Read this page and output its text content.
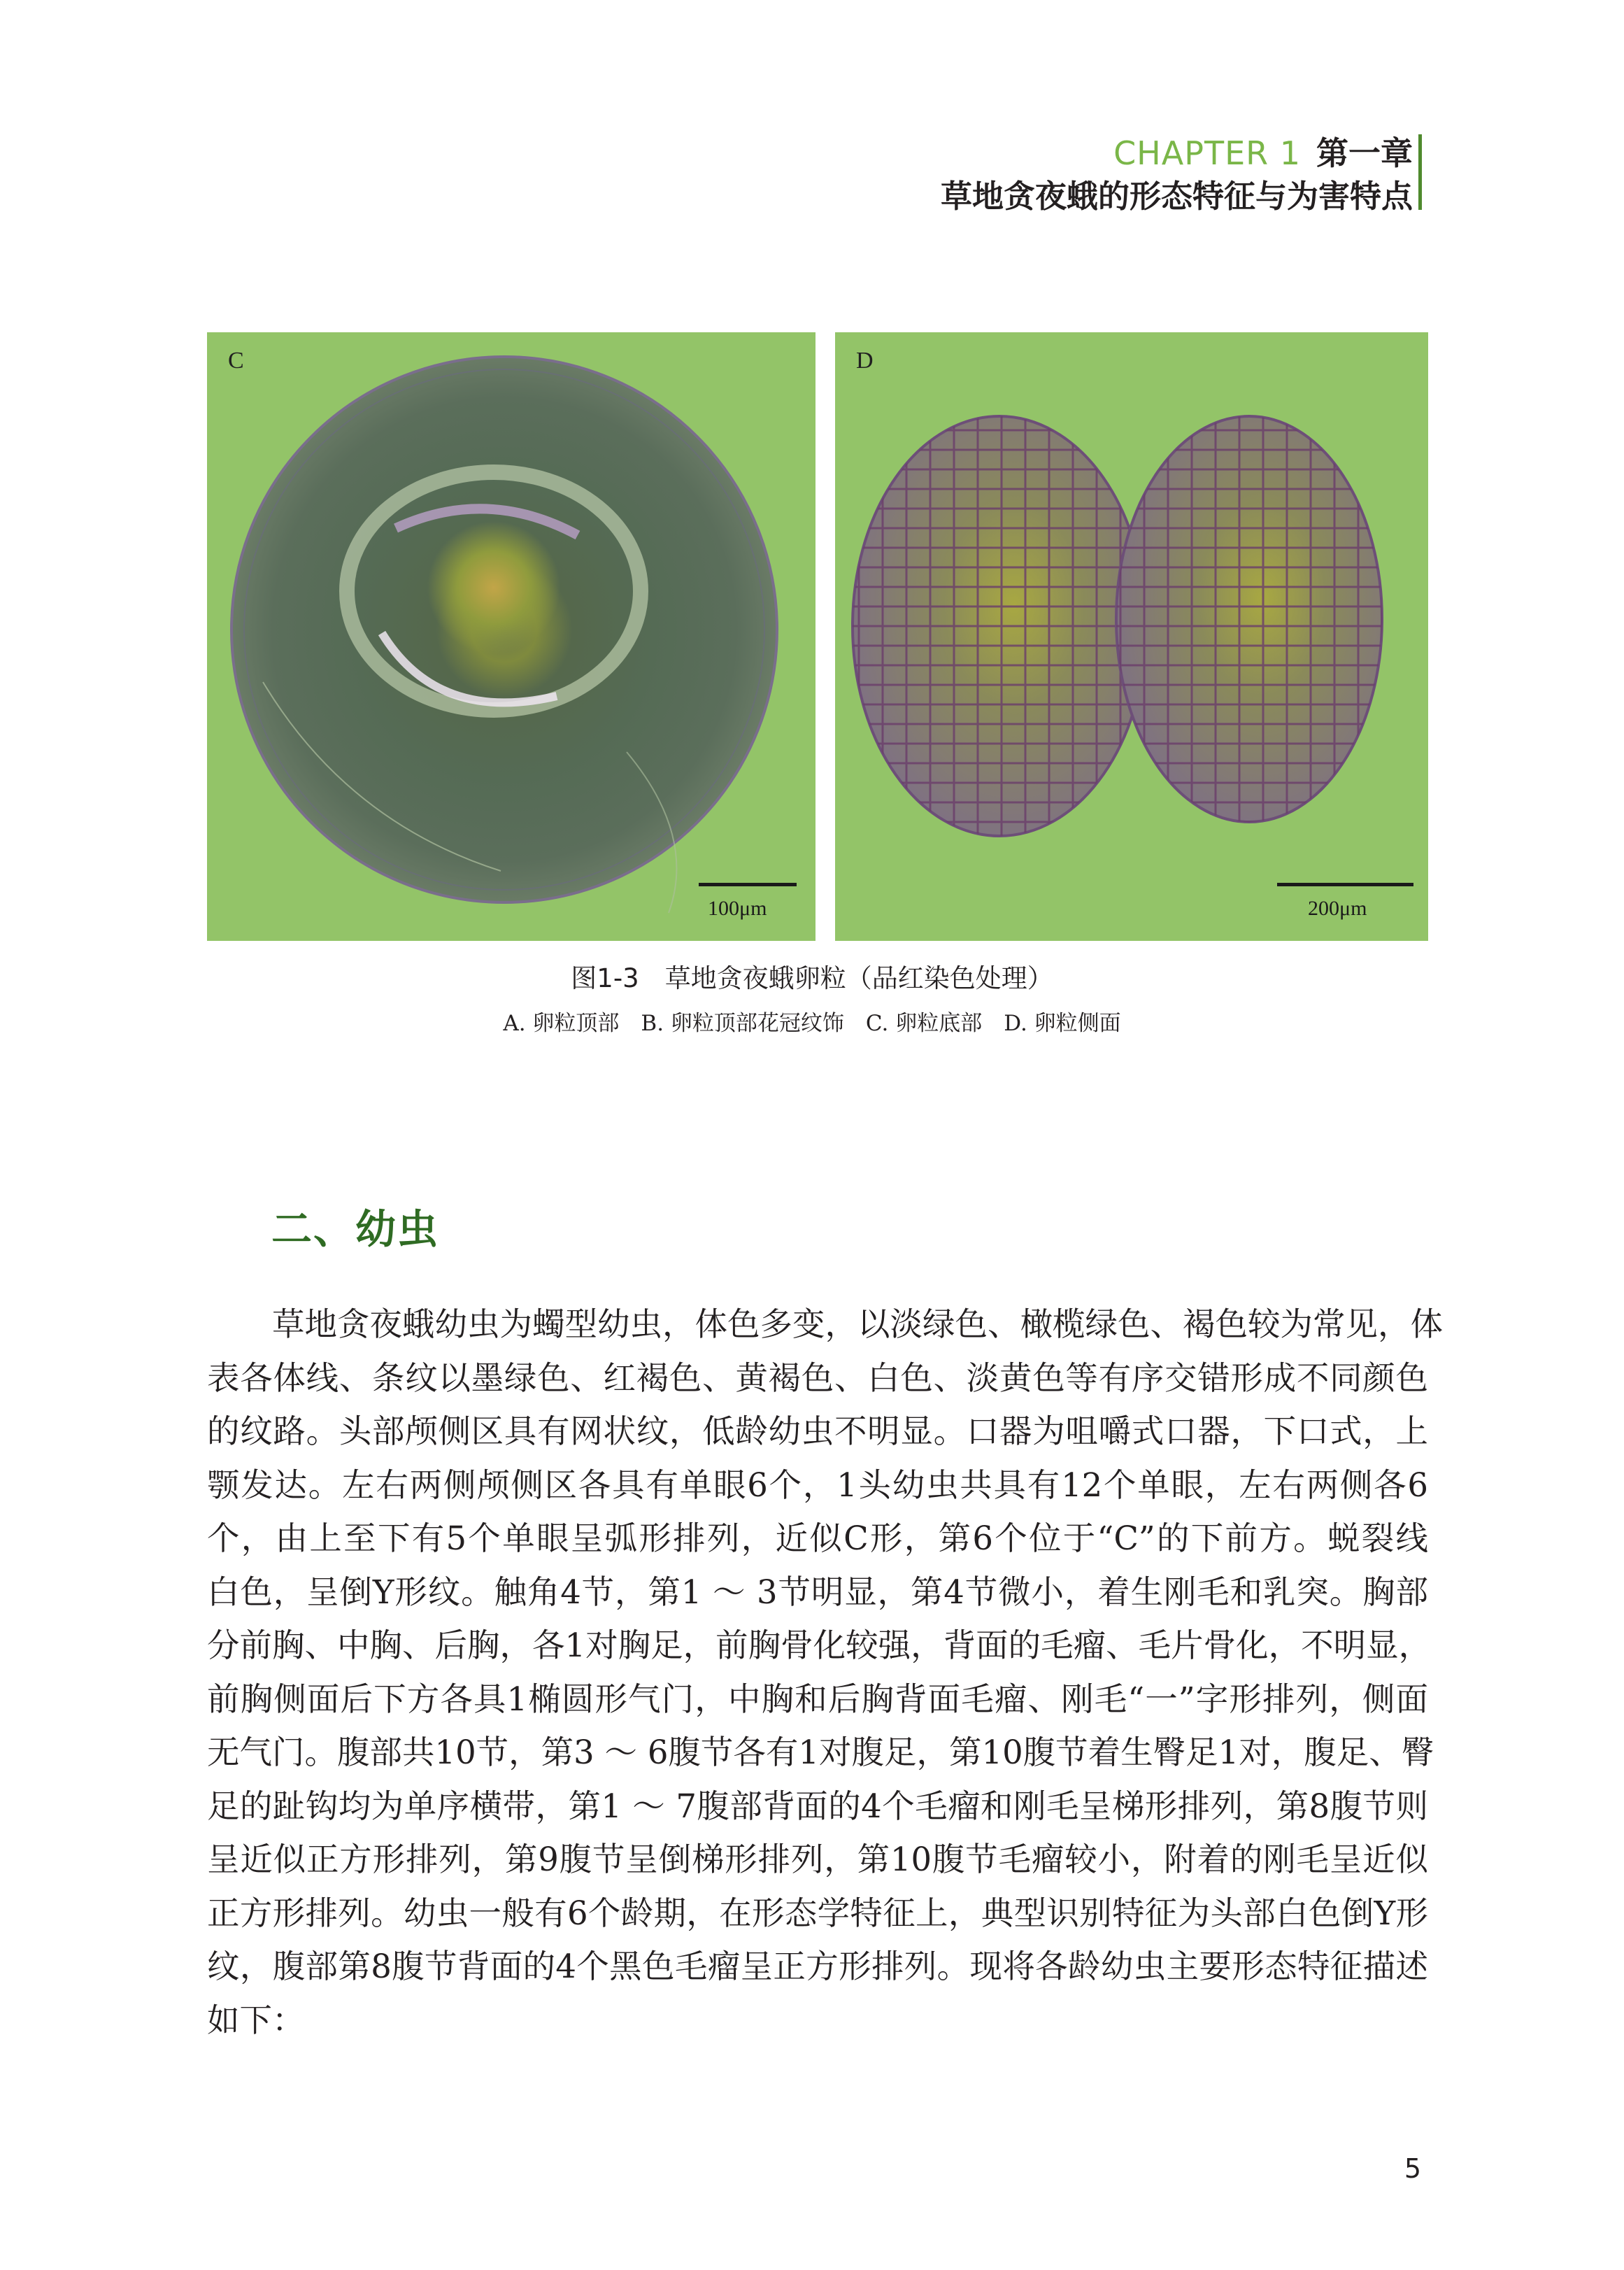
CHAPTER 1 第一章
草地贪夜蛾的形态特征与为害特点
C
100μm
D
200μm
图1-3　草地贪夜蛾卵粒（品红染色处理）
A. 卵粒顶部　B. 卵粒顶部花冠纹饰　C. 卵粒底部　D. 卵粒侧面
二、幼虫
草地贪夜蛾幼虫为蠋型幼虫，体色多变，以淡绿色、橄榄绿色、褐色较为常见，体
表各体线、条纹以墨绿色、红褐色、黄褐色、白色、淡黄色等有序交错形成不同颜色
的纹路。头部颅侧区具有网状纹，低龄幼虫不明显。口器为咀嚼式口器，下口式，上
颚发达。左右两侧颅侧区各具有单眼6个，1头幼虫共具有12个单眼，左右两侧各6
个，由上至下有5个单眼呈弧形排列，近似C形，第6个位于“C”的下前方。蜕裂线
白色，呈倒Y形纹。触角4节，第1 ～ 3节明显，第4节微小，着生刚毛和乳突。胸部
分前胸、中胸、后胸，各1对胸足，前胸骨化较强，背面的毛瘤、毛片骨化，不明显，
前胸侧面后下方各具1椭圆形气门，中胸和后胸背面毛瘤、刚毛“一”字形排列，侧面
无气门。腹部共10节，第3 ～ 6腹节各有1对腹足，第10腹节着生臀足1对，腹足、臀
足的趾钩均为单序横带，第1 ～ 7腹部背面的4个毛瘤和刚毛呈梯形排列，第8腹节则
呈近似正方形排列，第9腹节呈倒梯形排列，第10腹节毛瘤较小，附着的刚毛呈近似
正方形排列。幼虫一般有6个龄期，在形态学特征上，典型识别特征为头部白色倒Y形
纹，腹部第8腹节背面的4个黑色毛瘤呈正方形排列。现将各龄幼虫主要形态特征描述
如下：
5
